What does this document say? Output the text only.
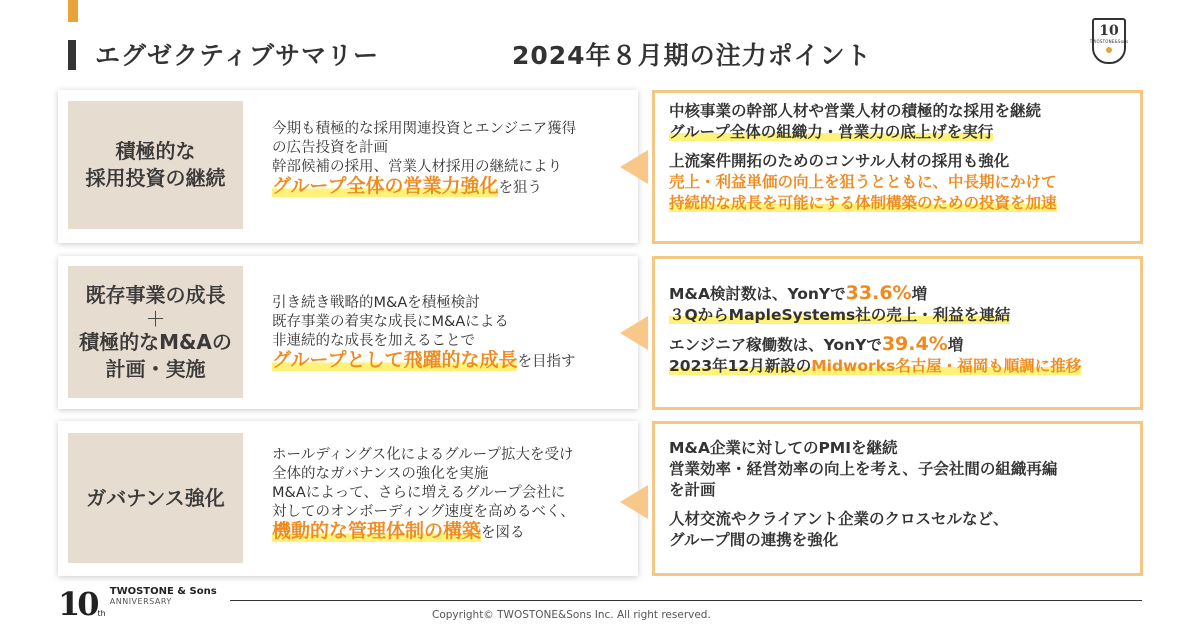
エグゼクティブサマリー	2024年８月期の注力ポイント
10
TWOSTONE&Sons
積極的な
採用投資の継続
今期も積極的な採用関連投資とエンジニア獲得
の広告投資を計画
幹部候補の採用、営業人材採用の継続により
グループ全体の営業力強化を狙う
中核事業の幹部人材や営業人材の積極的な採用を継続
グループ全体の組織力・営業力の底上げを実行
上流案件開拓のためのコンサル人材の採用も強化
売上・利益単価の向上を狙うとともに、中長期にかけて
持続的な成長を可能にする体制構築のための投資を加速
既存事業の成長
＋
積極的なM&Aの
計画・実施
引き続き戦略的M&Aを積極検討
既存事業の着実な成長にM&Aによる
非連続的な成長を加えることで
グループとして飛躍的な成長を目指す
M&A検討数は、YonYで33.6%増
３QからMapleSystems社の売上・利益を連結
エンジニア稼働数は、YonYで39.4%増
2023年12月新設のMidworks名古屋・福岡も順調に推移
ガバナンス強化
ホールディングス化によるグループ拡大を受け
全体的なガバナンスの強化を実施
M&Aによって、さらに増えるグループ会社に
対してのオンボーディング速度を高めるべく、
機動的な管理体制の構築を図る
M&A企業に対してのPMIを継続
営業効率・経営効率の向上を考え、子会社間の組織再編
を計画
人材交流やクライアント企業のクロスセルなど、
グループ間の連携を強化
10 th
TWOSTONE & Sons
ANNIVERSARY
Copyright© TWOSTONE&Sons Inc. All right reserved.
